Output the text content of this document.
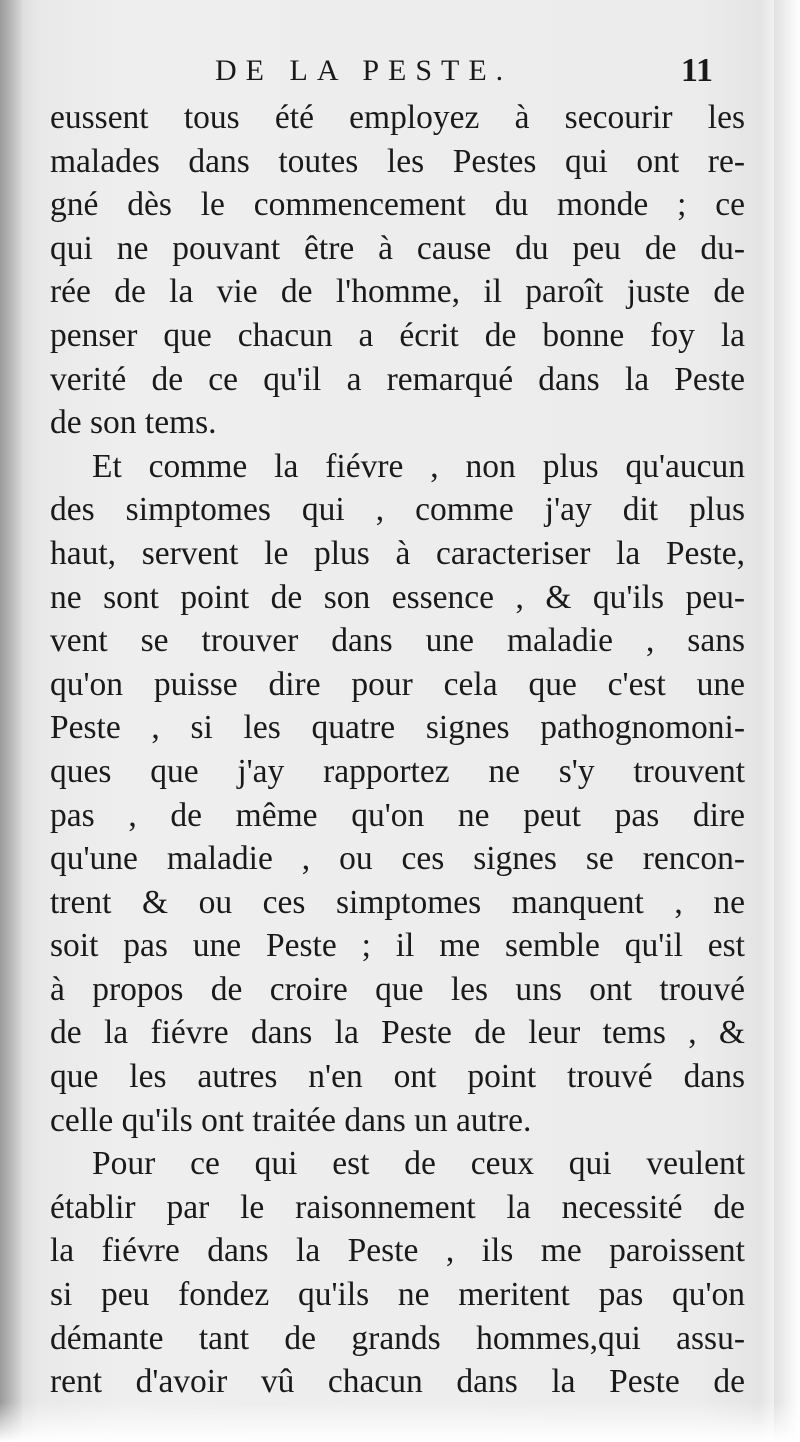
DE LA PESTE.	11
eussent tous été employez à secourir les
malades dans toutes les Pestes qui ont re-
gné dès le commencement du monde ; ce
qui ne pouvant être à cause du peu de du-
rée de la vie de l'homme, il paroît juste de
penser que chacun a écrit de bonne foy la
verité de ce qu'il a remarqué dans la Peste
de son tems.
Et comme la fiévre , non plus qu'aucun
des simptomes qui , comme j'ay dit plus
haut, servent le plus à caracteriser la Peste,
ne sont point de son essence , & qu'ils peu-
vent se trouver dans une maladie , sans
qu'on puisse dire pour cela que c'est une
Peste , si les quatre signes pathognomoni-
ques que j'ay rapportez ne s'y trouvent
pas , de même qu'on ne peut pas dire
qu'une maladie , ou ces signes se rencon-
trent & ou ces simptomes manquent , ne
soit pas une Peste ; il me semble qu'il est
à propos de croire que les uns ont trouvé
de la fiévre dans la Peste de leur tems , &
que les autres n'en ont point trouvé dans
celle qu'ils ont traitée dans un autre.
Pour ce qui est de ceux qui veulent
établir par le raisonnement la necessité de
la fiévre dans la Peste , ils me paroissent
si peu fondez qu'ils ne meritent pas qu'on
démante tant de grands hommes,qui assu-
rent d'avoir vû chacun dans la Peste de
